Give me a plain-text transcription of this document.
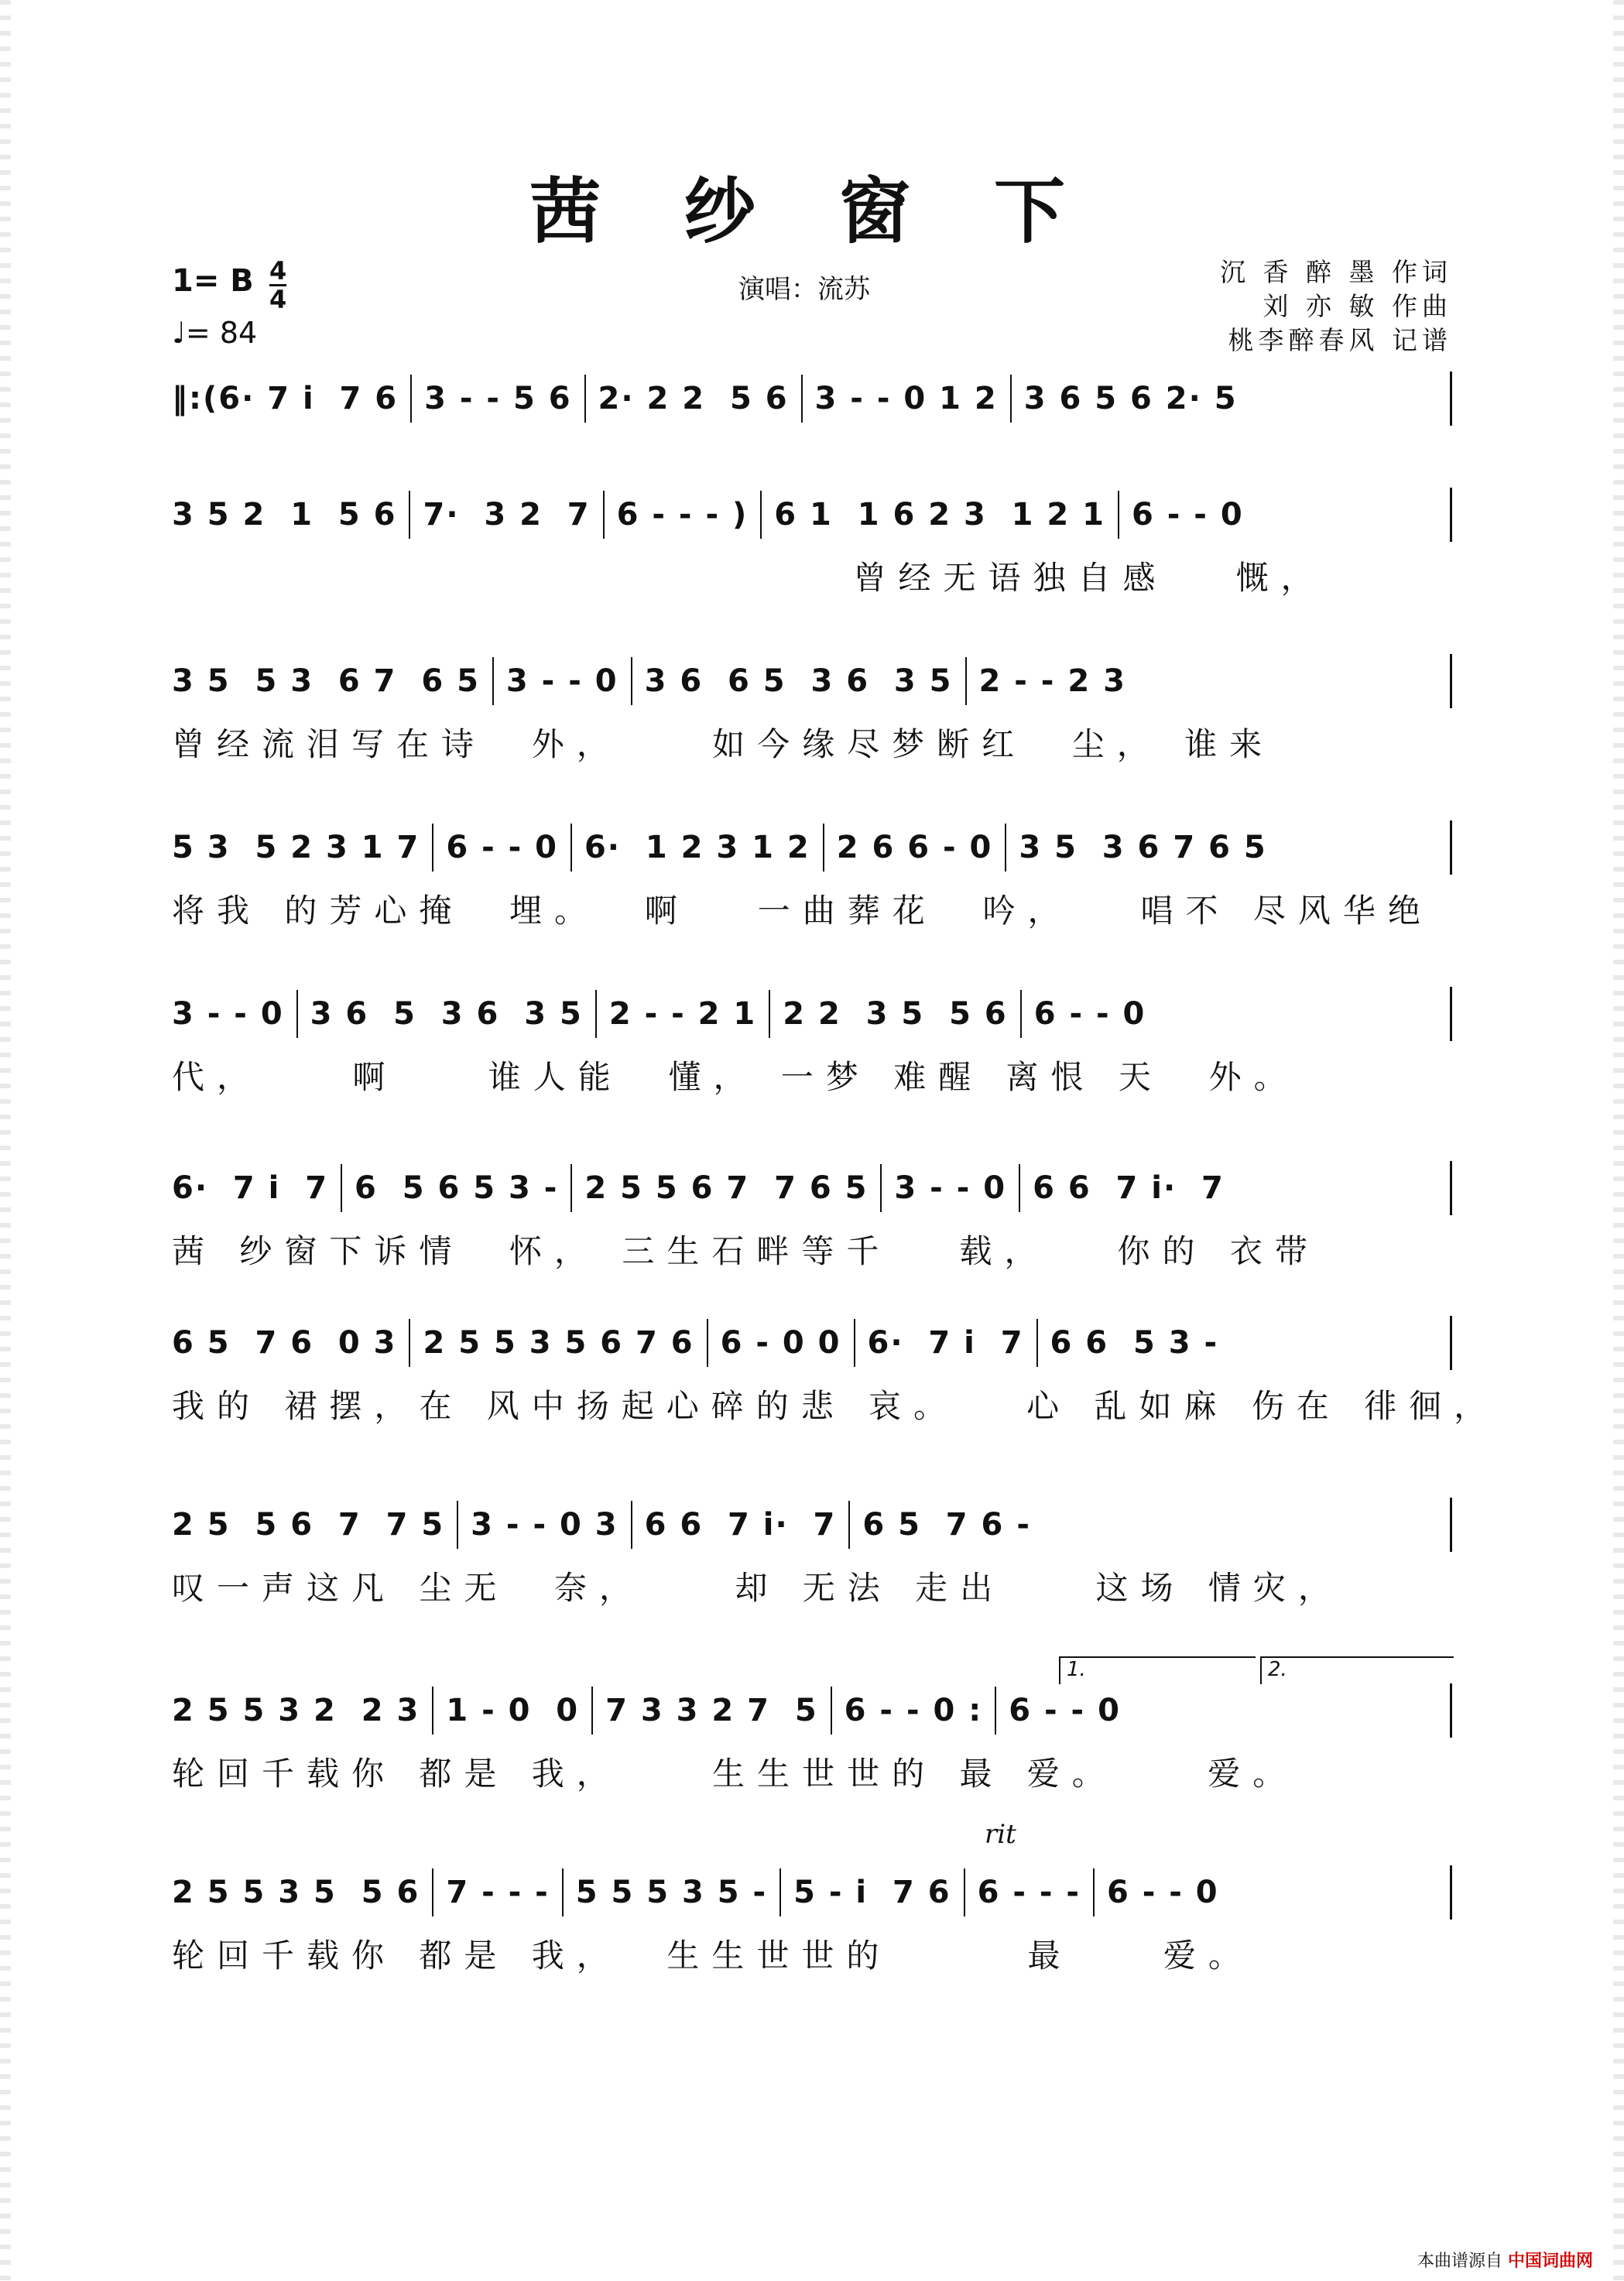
茜 纱 窗 下
1= B 4
4
♩= 84
演唱：流苏
沉 香 醉 墨 作词
刘 亦 敏 作曲
桃李醉春风 记谱
‖:(6· 7 i  7 6 3 - - 5 6 2· 2 2  5 6 3 - - 0 1 2 3 6 5 6 2· 5
3 5 2  1  5 6 7·  3 2  7 6 - - - ) 6 1  1 6 2 3  1 2 1 6 - - 0
曾经无语独自感   慨，
3 5  5 3  6 7  6 5 3 - - 0 3 6  6 5  3 6  3 5 2 - - 2 3
曾经流泪写在诗  外，    如今缘尽梦断红  尘， 谁来
5 3  5 2 3 1 7 6 - - 0 6·  1 2 3 1 2 2 6 6 - 0 3 5  3 6 7 6 5
将我 的芳心掩  埋。  啊   一曲葬花  吟，   唱不 尽风华绝
3 - - 0 3 6  5  3 6  3 5 2 - - 2 1 2 2  3 5  5 6 6 - - 0
代，    啊    谁人能  懂， 一梦 难醒 离恨 天  外。
6·  7 i  7 6  5 6 5 3 - 2 5 5 6 7  7 6 5 3 - - 0 6 6  7 i·  7
茜 纱窗下诉情  怀， 三生石畔等千   载，   你的 衣带
6 5  7 6  0 3 2 5 5 3 5 6 7 6 6 - 0 0 6·  7 i  7 6 6  5 3 -
我的 裙摆，在 风中扬起心碎的悲 哀。   心 乱如麻 伤在 徘徊，
2 5  5 6  7  7 5 3 - - 0 3 6 6  7 i·  7 6 5  7 6 -
叹一声这凡 尘无  奈，    却 无法 走出    这场 情灾，
2 5 5 3 2  2 3 1 - 0  0 7 3 3 2 7  5 6 - - 0 : 6 - - 0
轮回千载你 都是 我，    生生世世的 最 爱。    爱。
2 5 5 3 5  5 6 7 - - - 5 5 5 3 5 - 5 - i  7 6 6 - - - 6 - - 0
轮回千载你 都是 我，  生生世世的      最    爱。
1.	2.
rit
本曲谱源自 中国词曲网
